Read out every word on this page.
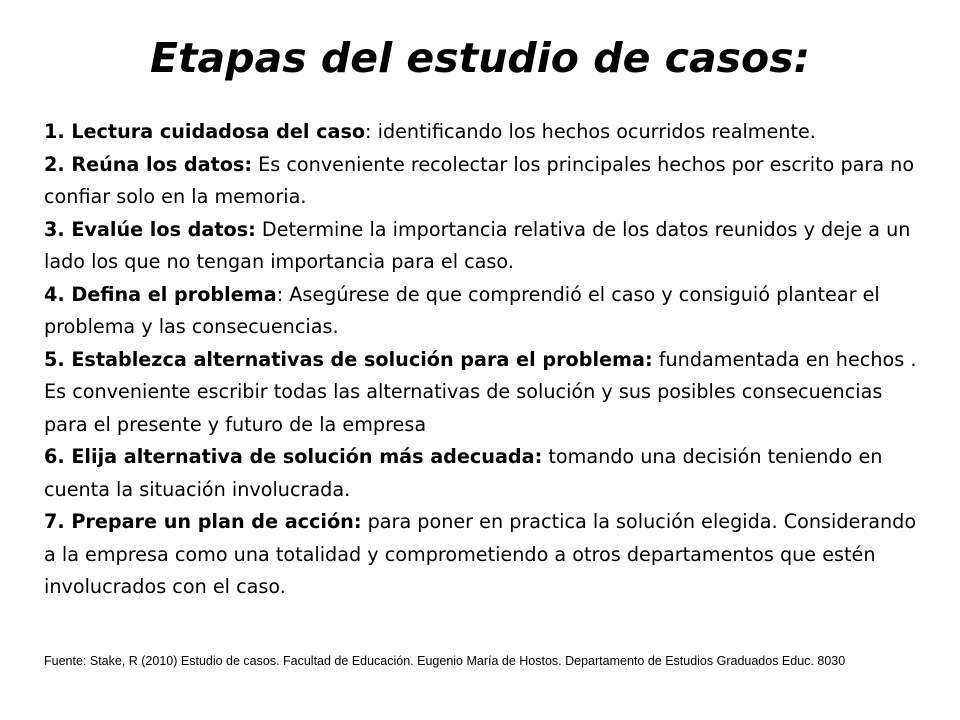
Etapas del estudio de casos:

1. Lectura cuidadosa del caso: identificando los hechos ocurridos realmente.

2. Reúna los datos: Es conveniente recolectar los principales hechos por escrito para no confiar solo en la memoria.

3. Evalúe los datos: Determine la importancia relativa de los datos reunidos y deje a un lado los que no tengan importancia para el caso.

4. Defina el problema: Asegúrese de que comprendió el caso y consiguió plantear el problema y las consecuencias.

5. Establezca alternativas de solución para el problema: fundamentada en hechos . Es conveniente escribir todas las alternativas de solución y sus posibles consecuencias para el presente y futuro de la empresa

6. Elija alternativa de solución más adecuada: tomando una decisión teniendo en cuenta la situación involucrada.

7. Prepare un plan de acción: para poner en practica la solución elegida. Considerando a la empresa como una totalidad y comprometiendo a otros departamentos que estén involucrados con el caso.

Fuente: Stake, R (2010) Estudio de casos. Facultad de Educación. Eugenio María de Hostos. Departamento de Estudios Graduados Educ. 8030
